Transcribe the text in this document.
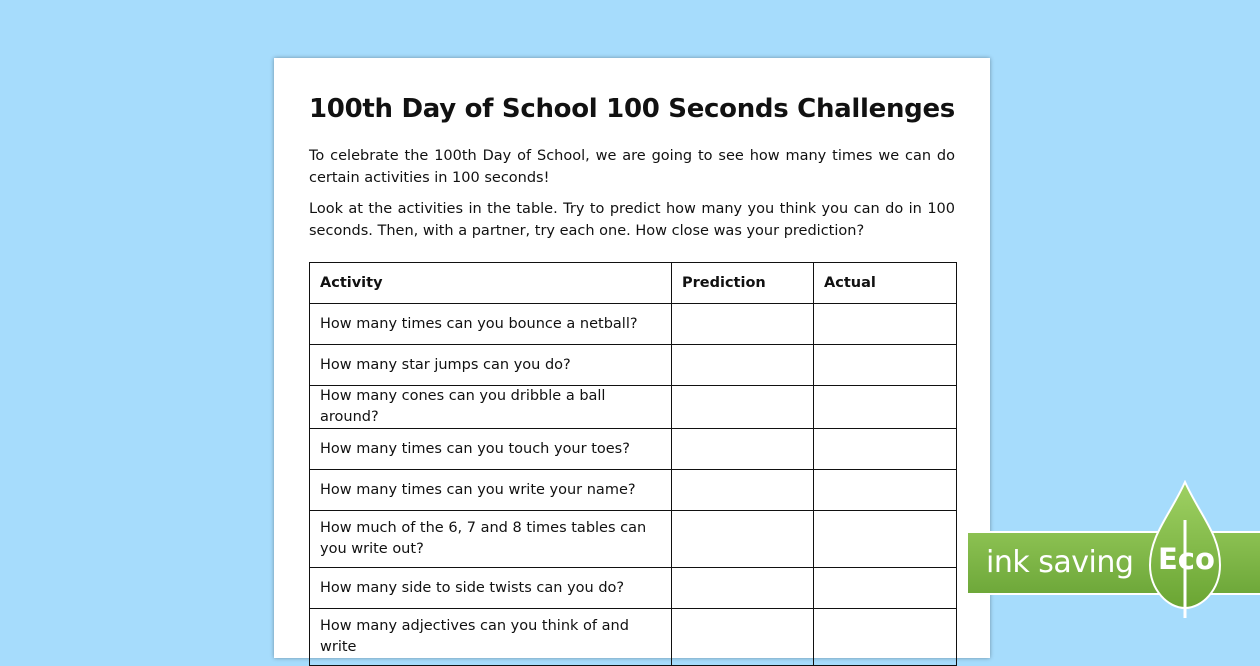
100th Day of School 100 Seconds Challenges

To celebrate the 100th Day of School, we are going to see how many times we can do certain activities in 100 seconds!

Look at the activities in the table. Try to predict how many you think you can do in 100 seconds. Then, with a partner, try each one. How close was your prediction?

Activity	Prediction	Actual
How many times can you bounce a netball?		
How many star jumps can you do?		
How many cones can you dribble a ball around?		
How many times can you touch your toes?		
How many times can you write your name?		
How much of the 6, 7 and 8 times tables can you write out?		
How many side to side twists can you do?		
How many adjectives can you think of and write		
ink saving Eco
